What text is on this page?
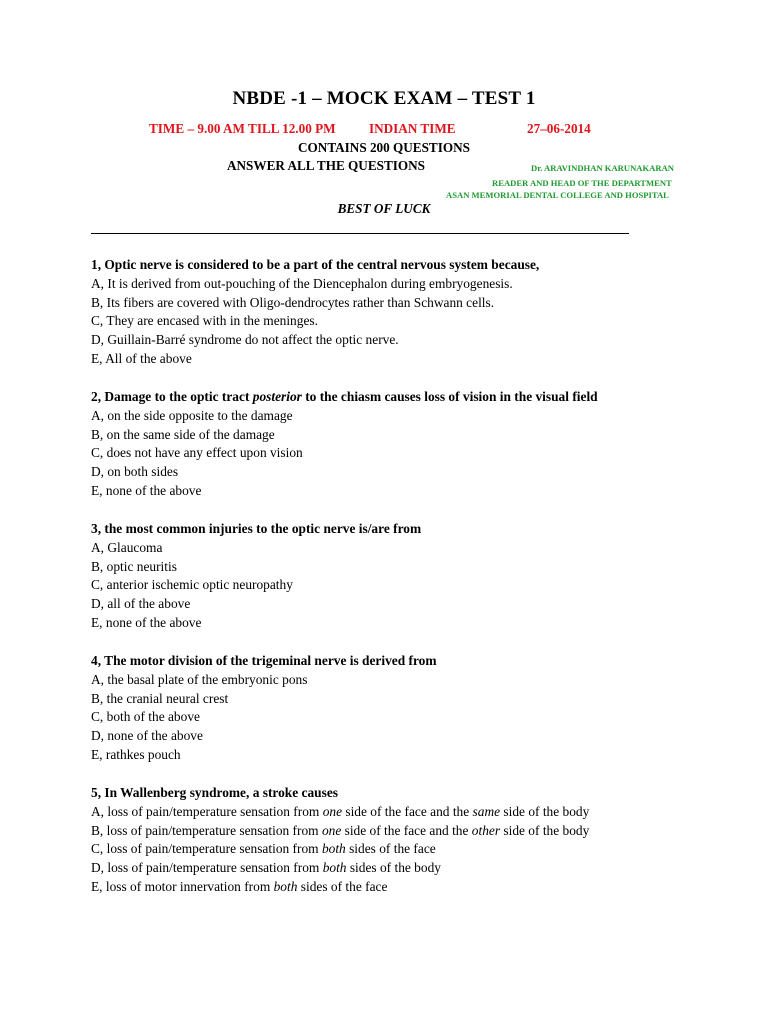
NBDE -1 – MOCK EXAM – TEST 1
TIME – 9.00 AM TILL 12.00 PM	INDIAN TIME	27–06-2014
CONTAINS 200 QUESTIONS
ANSWER ALL THE QUESTIONS	Dr. ARAVINDHAN KARUNAKARAN
READER AND HEAD OF THE DEPARTMENT
ASAN MEMORIAL DENTAL COLLEGE AND HOSPITAL
BEST OF LUCK
1, Optic nerve is considered to be a part of the central nervous system because,
A, It is derived from out-pouching of the Diencephalon during embryogenesis.
B, Its fibers are covered with Oligo-dendrocytes rather than Schwann cells.
C, They are encased with in the meninges.
D, Guillain-Barré syndrome do not affect the optic nerve.
E, All of the above
2, Damage to the optic tract posterior to the chiasm causes loss of vision in the visual field
A, on the side opposite to the damage
B, on the same side of the damage
C, does not have any effect upon vision
D, on both sides
E, none of the above
3, the most common injuries to the optic nerve is/are from
A, Glaucoma
B, optic neuritis
C, anterior ischemic optic neuropathy
D, all of the above
E, none of the above
4, The motor division of the trigeminal nerve is derived from
A, the basal plate of the embryonic pons
B, the cranial neural crest
C, both of the above
D, none of the above
E, rathkes pouch
5, In Wallenberg syndrome, a stroke causes
A, loss of pain/temperature sensation from one side of the face and the same side of the body
B, loss of pain/temperature sensation from one side of the face and the other side of the body
C, loss of pain/temperature sensation from both sides of the face
D, loss of pain/temperature sensation from both sides of the body
E, loss of motor innervation from both sides of the face
